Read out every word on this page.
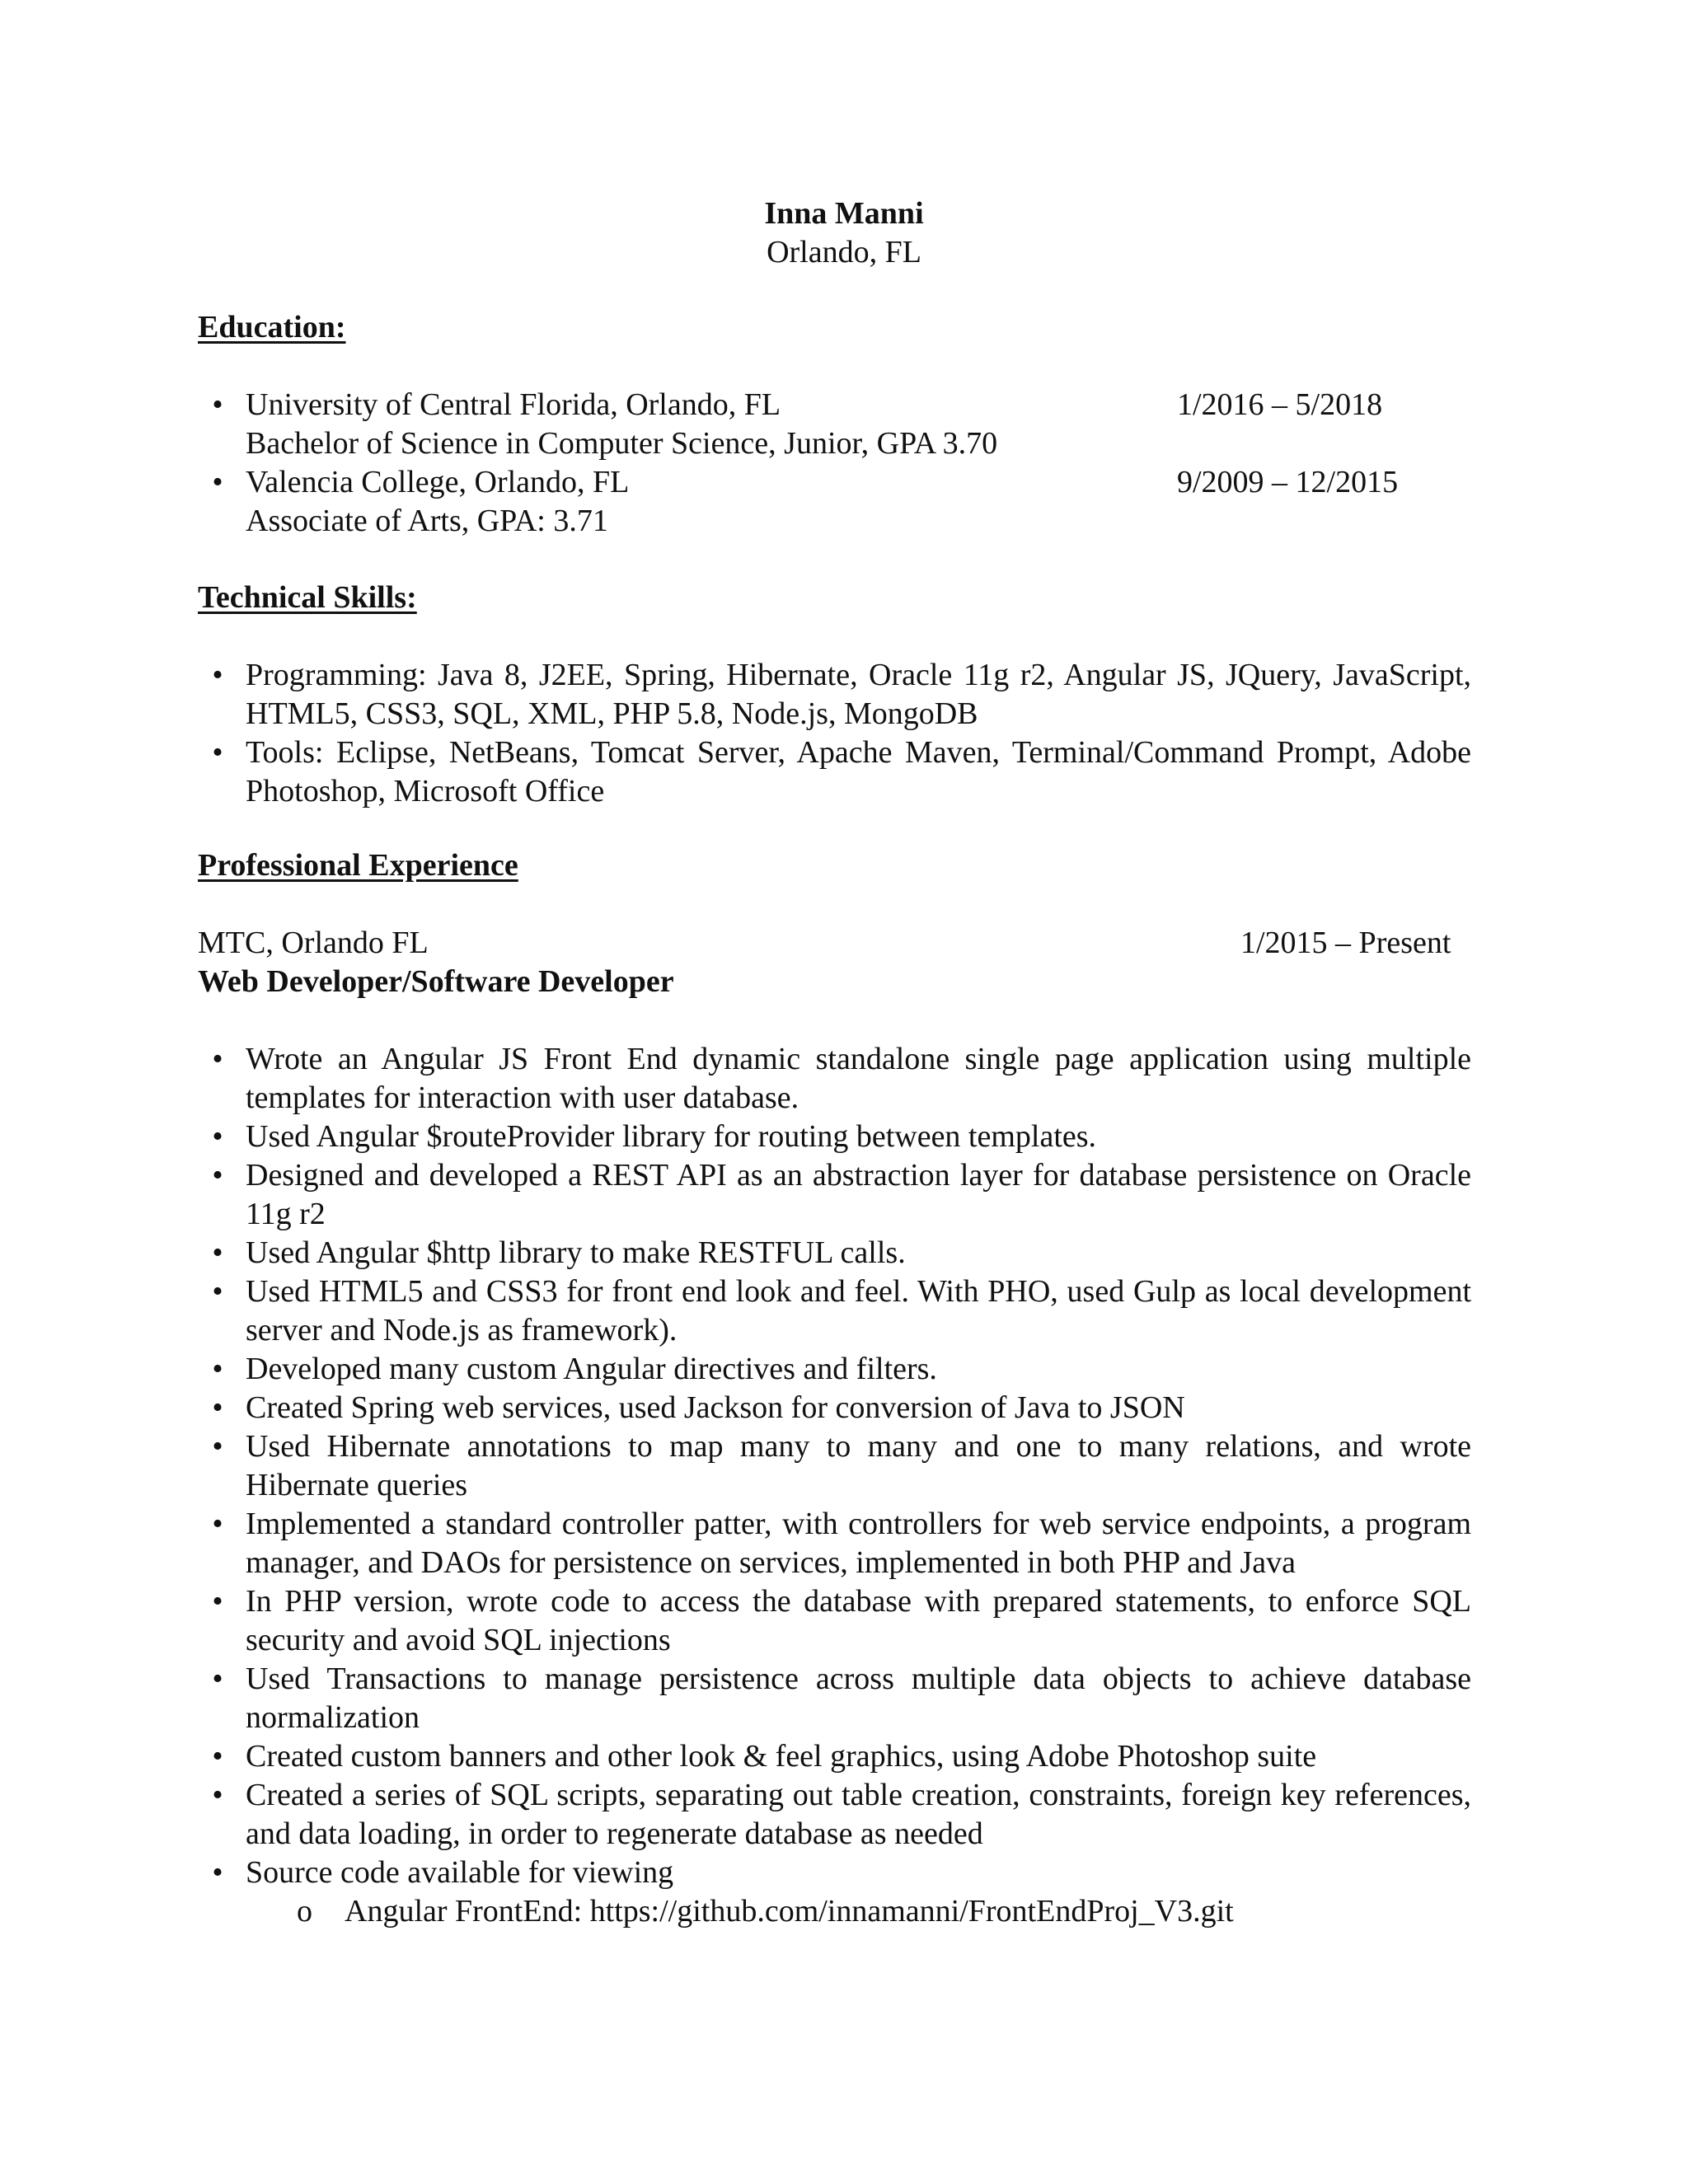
Inna Manni
Orlando, FL
Education:
•
University of Central Florida, Orlando, FL	1/2016 – 5/2018
Bachelor of Science in Computer Science, Junior, GPA 3.70
•
Valencia College, Orlando, FL	9/2009 – 12/2015
Associate of Arts, GPA: 3.71
Technical Skills:
•
Programming: Java 8, J2EE, Spring, Hibernate, Oracle 11g r2, Angular JS, JQuery, JavaScript, HTML5, CSS3, SQL, XML, PHP 5.8, Node.js, MongoDB
•
Tools: Eclipse, NetBeans, Tomcat Server, Apache Maven, Terminal/Command Prompt, Adobe Photoshop, Microsoft Office
Professional Experience
MTC, Orlando FL	1/2015 – Present
Web Developer/Software Developer
•
Wrote an Angular JS Front End dynamic standalone single page application using multiple templates for interaction with user database.
•
Used Angular $routeProvider library for routing between templates.
•
Designed and developed a REST API as an abstraction layer for database persistence on Oracle 11g r2
•
Used Angular $http library to make RESTFUL calls.
•
Used HTML5 and CSS3 for front end look and feel. With PHO, used Gulp as local development server and Node.js as framework).
•
Developed many custom Angular directives and filters.
•
Created Spring web services, used Jackson for conversion of Java to JSON
•
Used Hibernate annotations to map many to many and one to many relations, and wrote Hibernate queries
•
Implemented a standard controller patter, with controllers for web service endpoints, a program manager, and DAOs for persistence on services, implemented in both PHP and Java
•
In PHP version, wrote code to access the database with prepared statements, to enforce SQL security and avoid SQL injections
•
Used Transactions to manage persistence across multiple data objects to achieve database normalization
•
Created custom banners and other look & feel graphics, using Adobe Photoshop suite
•
Created a series of SQL scripts, separating out table creation, constraints, foreign key references, and data loading, in order to regenerate database as needed
•
Source code available for viewing
o Angular FrontEnd: https://github.com/innamanni/FrontEndProj_V3.git
